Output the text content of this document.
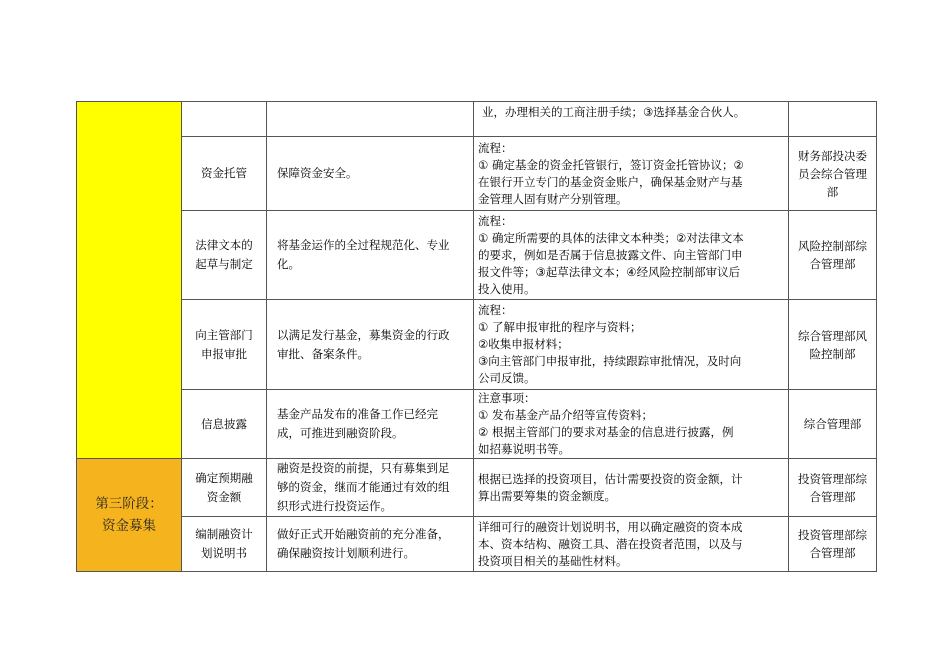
			业，办理相关的工商注册手续；③选择基金合伙人。	

	资金托管	保障资金安全。	流程：
① 确定基金的资金托管银行，签订资金托管协议；②
在银行开立专门的基金资金账户，确保基金财产与基
金管理人固有财产分别管理。	财务部投决委
员会综合管理
部

	法律文本的
起草与制定	将基金运作的全过程规范化、专业
化。	流程：
① 确定所需要的具体的法律文本种类；②对法律文本
的要求，例如是否属于信息披露文件、向主管部门申
报文件等；③起草法律文本；④经风险控制部审议后
投入使用。	风险控制部综
合管理部

	向主管部门
申报审批	以满足发行基金，募集资金的行政
审批、备案条件。	流程：
① 了解申报审批的程序与资料；
②收集申报材料；
③向主管部门申报审批，持续跟踪审批情况，及时向
公司反馈。	综合管理部风
险控制部

	信息披露	基金产品发布的准备工作已经完
成，可推进到融资阶段。	注意事项：
① 发布基金产品介绍等宣传资料；
② 根据主管部门的要求对基金的信息进行披露，例
如招募说明书等。	综合管理部

第三阶段：
资金募集	确定预期融
资金额	融资是投资的前提，只有募集到足
够的资金，继而才能通过有效的组
织形式进行投资运作。	根据已选择的投资项目，估计需要投资的资金额，计
算出需要筹集的资金额度。	投资管理部综
合管理部

	编制融资计
划说明书	做好正式开始融资前的充分准备，
确保融资按计划顺利进行。	详细可行的融资计划说明书，用以确定融资的资本成
本、资本结构、融资工具、潜在投资者范围，以及与
投资项目相关的基础性材料。	投资管理部综
合管理部
